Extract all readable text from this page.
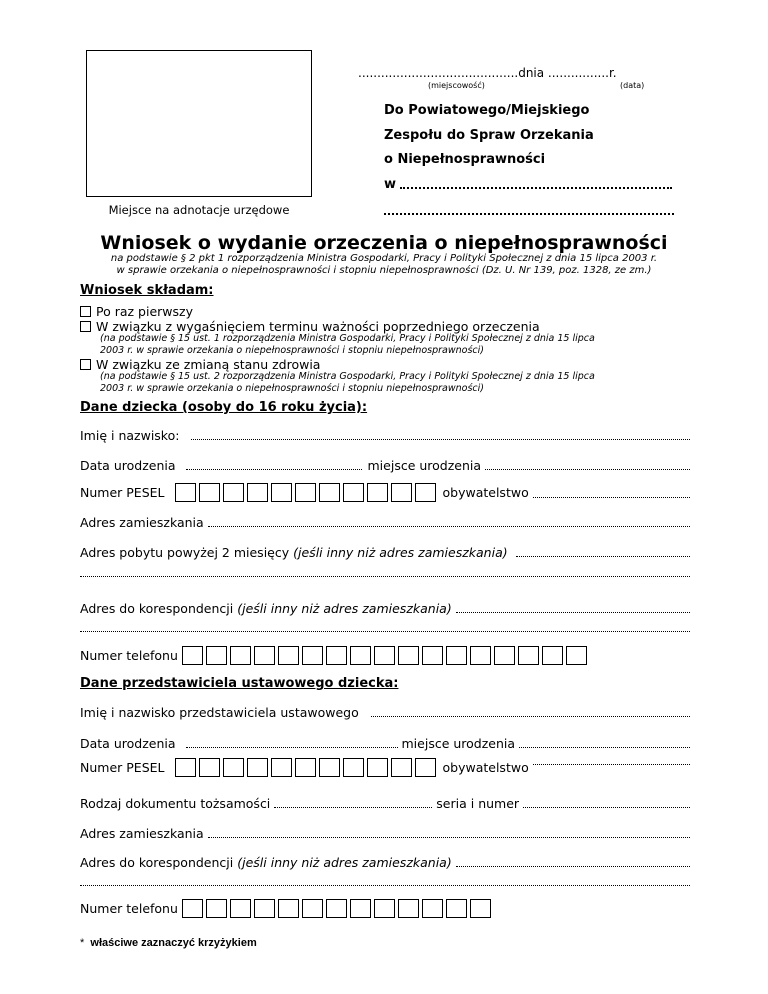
Miejsce na adnotacje urzędowe
..........................................dnia ................r.
(miejscowość)	(data)
Do Powiatowego/Miejskiego
Zespołu do Spraw Orzekania
o Niepełnosprawności
w
Wniosek o wydanie orzeczenia o niepełnosprawności
na podstawie § 2 pkt 1 rozporządzenia Ministra Gospodarki, Pracy i Polityki Społecznej z dnia 15 lipca 2003 r.
w sprawie orzekania o niepełnosprawności i stopniu niepełnosprawności (Dz. U. Nr 139, poz. 1328, ze zm.)
Wniosek składam:
Po raz pierwszy
W związku z wygaśnięciem terminu ważności poprzedniego orzeczenia
(na podstawie § 15 ust. 1 rozporządzenia Ministra Gospodarki, Pracy i Polityki Społecznej z dnia 15 lipca
2003 r. w sprawie orzekania o niepełnosprawności i stopniu niepełnosprawności)
W związku ze zmianą stanu zdrowia
(na podstawie § 15 ust. 2 rozporządzenia Ministra Gospodarki, Pracy i Polityki Społecznej z dnia 15 lipca
2003 r. w sprawie orzekania o niepełnosprawności i stopniu niepełnosprawności)
Dane dziecka (osoby do 16 roku życia):
Imię i nazwisko:
Data urodzenia	miejsce urodzenia
Numer PESEL	obywatelstwo
Adres zamieszkania
Adres pobytu powyżej 2 miesięcy (jeśli inny niż adres zamieszkania)
Adres do korespondencji (jeśli inny niż adres zamieszkania)
Numer telefonu
Dane przedstawiciela ustawowego dziecka:
Imię i nazwisko przedstawiciela ustawowego
Data urodzenia	miejsce urodzenia
Numer PESEL	obywatelstwo
Rodzaj dokumentu tożsamości	seria i numer
Adres zamieszkania
Adres do korespondencji (jeśli inny niż adres zamieszkania)
Numer telefonu
* właściwe zaznaczyć krzyżykiem
